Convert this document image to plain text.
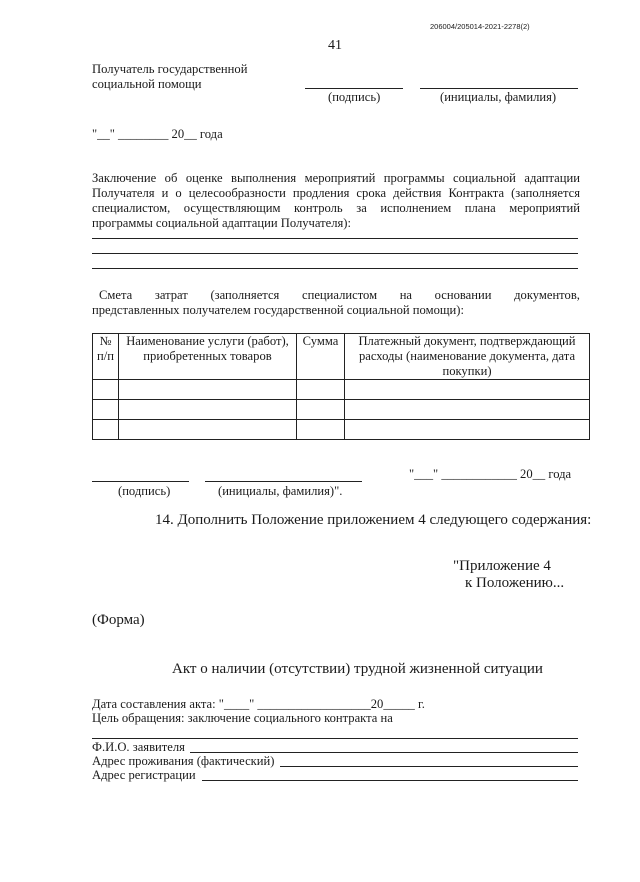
206004/205014-2021-2278(2)
41
Получатель государственной
социальной помощи
(подпись)	(инициалы, фамилия)
"__" ________ 20__ года
Заключение об оценке выполнения мероприятий программы социальной адаптации
Получателя и о целесообразности продления срока действия Контракта (заполняется
специалистом, осуществляющим контроль за исполнением плана мероприятий
программы социальной адаптации Получателя):
Смета затрат (заполняется специалистом на основании документов,
представленных получателем государственной социальной помощи):
№ п/п	Наименование услуги (работ), приобретенных товаров	Сумма	Платежный документ, подтверждающий расходы (наименование документа, дата покупки)

"___" ____________ 20__ года
(подпись)	(инициалы, фамилия)".
14. Дополнить Положение приложением 4 следующего содержания:
"Приложение 4
к Положению...
(Форма)
Акт о наличии (отсутствии) трудной жизненной ситуации
Дата составления акта: "____" __________________20_____ г.
Цель обращения: заключение социального контракта на
Ф.И.О. заявителя
Адрес проживания (фактический)
Адрес регистрации
